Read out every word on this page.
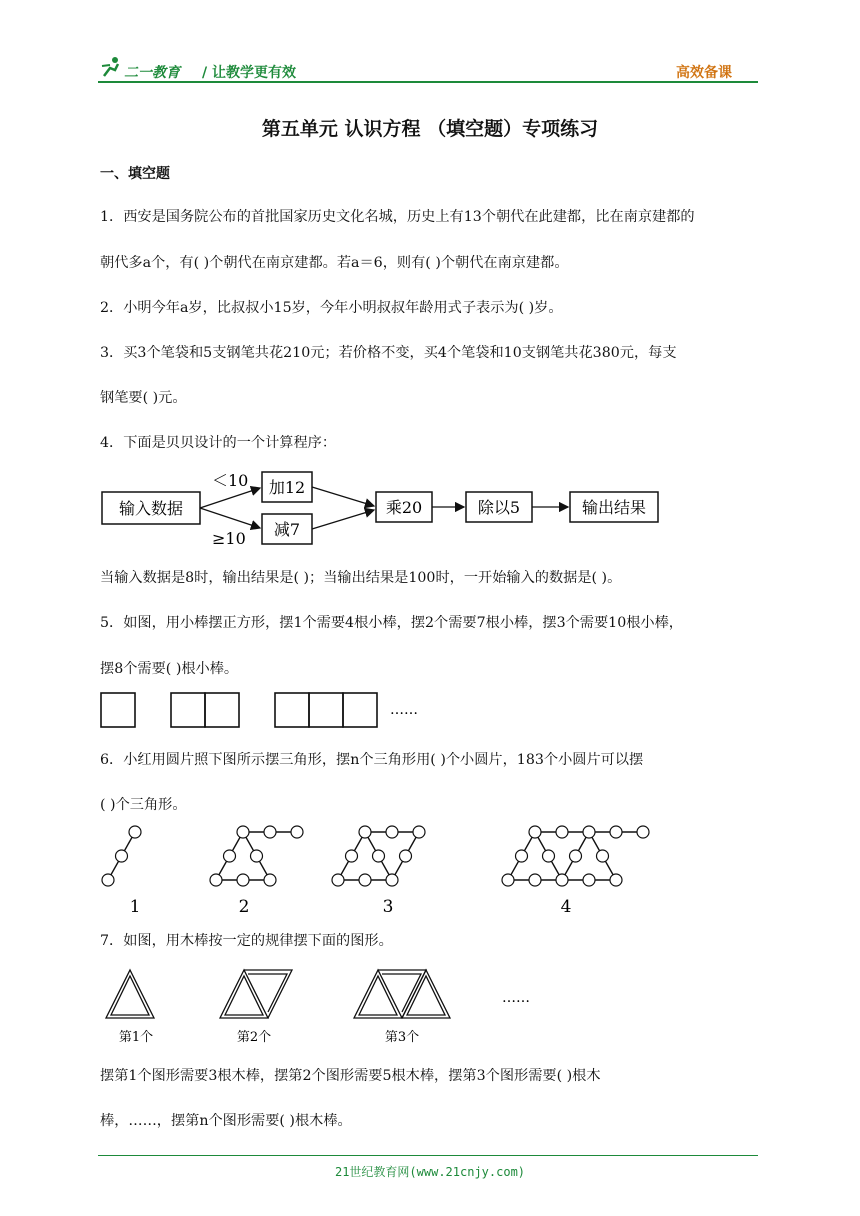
二一教育 / 让教学更有效	高效备课
第五单元 认识方程 （填空题）专项练习
一、填空题
1．西安是国务院公布的首批国家历史文化名城，历史上有13个朝代在此建都，比在南京建都的
朝代多a个，有( )个朝代在南京建都。若a＝6，则有( )个朝代在南京建都。
2．小明今年a岁，比叔叔小15岁，今年小明叔叔年龄用式子表示为( )岁。
3．买3个笔袋和5支钢笔共花210元；若价格不变，买4个笔袋和10支钢笔共花380元，每支
钢笔要( )元。
4．下面是贝贝设计的一个计算程序：
输入数据
＜10
≥10
加12
减7
乘20	除以5	输出结果
当输入数据是8时，输出结果是( )；当输出结果是100时，一开始输入的数据是( )。
5．如图，用小棒摆正方形，摆1个需要4根小棒，摆2个需要7根小棒，摆3个需要10根小棒，
摆8个需要( )根小棒。
……
6．小红用圆片照下图所示摆三角形，摆n个三角形用( )个小圆片，183个小圆片可以摆
( )个三角形。
1	2	3	4
7．如图，用木棒按一定的规律摆下面的图形。
……
第1个	第2个	第3个
摆第1个图形需要3根木棒，摆第2个图形需要5根木棒，摆第3个图形需要( )根木
棒，……，摆第n个图形需要( )根木棒。
21世纪教育网(www.21cnjy.com)
